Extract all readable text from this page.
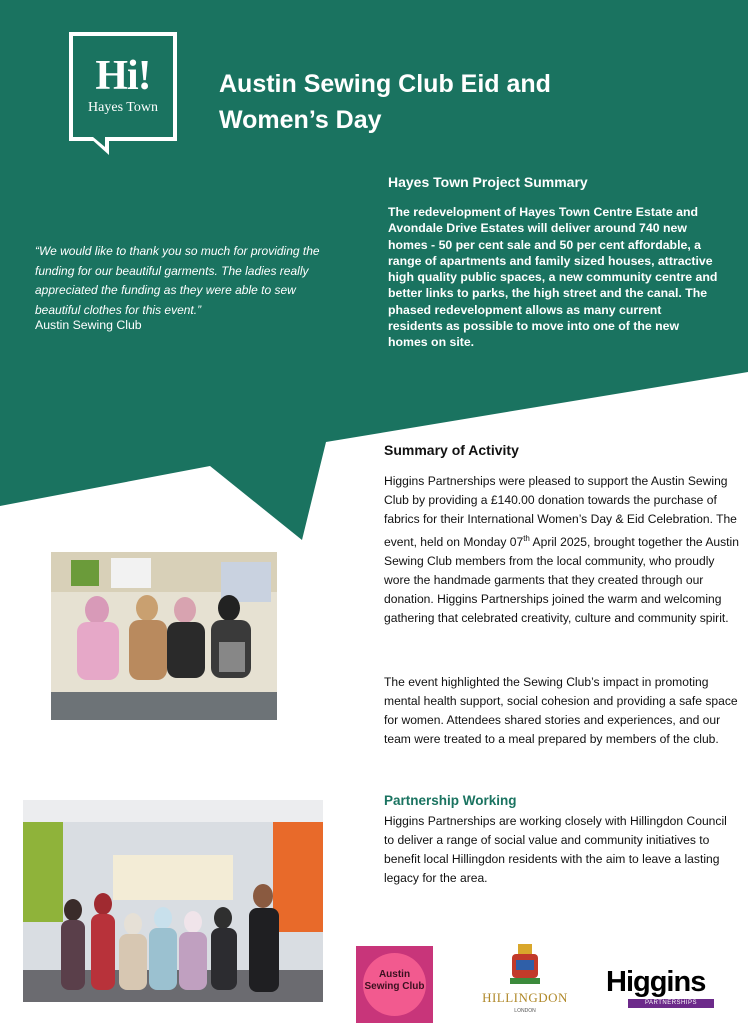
Hi!
Hayes Town
Austin Sewing Club Eid and
Women’s Day
Hayes Town Project Summary

The redevelopment of Hayes Town Centre Estate and Avondale Drive Estates will deliver around 740 new homes - 50 per cent sale and 50 per cent affordable, a range of apartments and family sized houses, attractive high quality public spaces, a new community centre and better links to parks, the high street and the canal. The phased redevelopment allows as many current residents as possible to move into one of the new homes on site.

“We would like to thank you so much for providing the funding for our beautiful garments. The ladies really appreciated the funding as they were able to sew beautiful clothes for this event.”

Austin Sewing Club

Summary of Activity

Higgins Partnerships were pleased to support the Austin Sewing Club by providing a £140.00 donation towards the purchase of fabrics for their International Women’s Day & Eid Celebration. The event, held on Monday 07th April 2025, brought together the Austin Sewing Club members from the local community, who proudly wore the handmade garments that they created through our donation. Higgins Partnerships joined the warm and welcoming gathering that celebrated creativity, culture and community spirit.

The event highlighted the Sewing Club’s impact in promoting mental health support, social cohesion and providing a safe space for women. Attendees shared stories and experiences, and our team were treated to a meal prepared by members of the club.

Partnership Working

Higgins Partnerships are working closely with Hillingdon Council to deliver a range of social value and community initiatives to benefit local Hillingdon residents with the aim to leave a lasting legacy for the area.

Austin
Sewing Club
HILLINGDON
LONDON
Higgins
PARTNERSHIPS
